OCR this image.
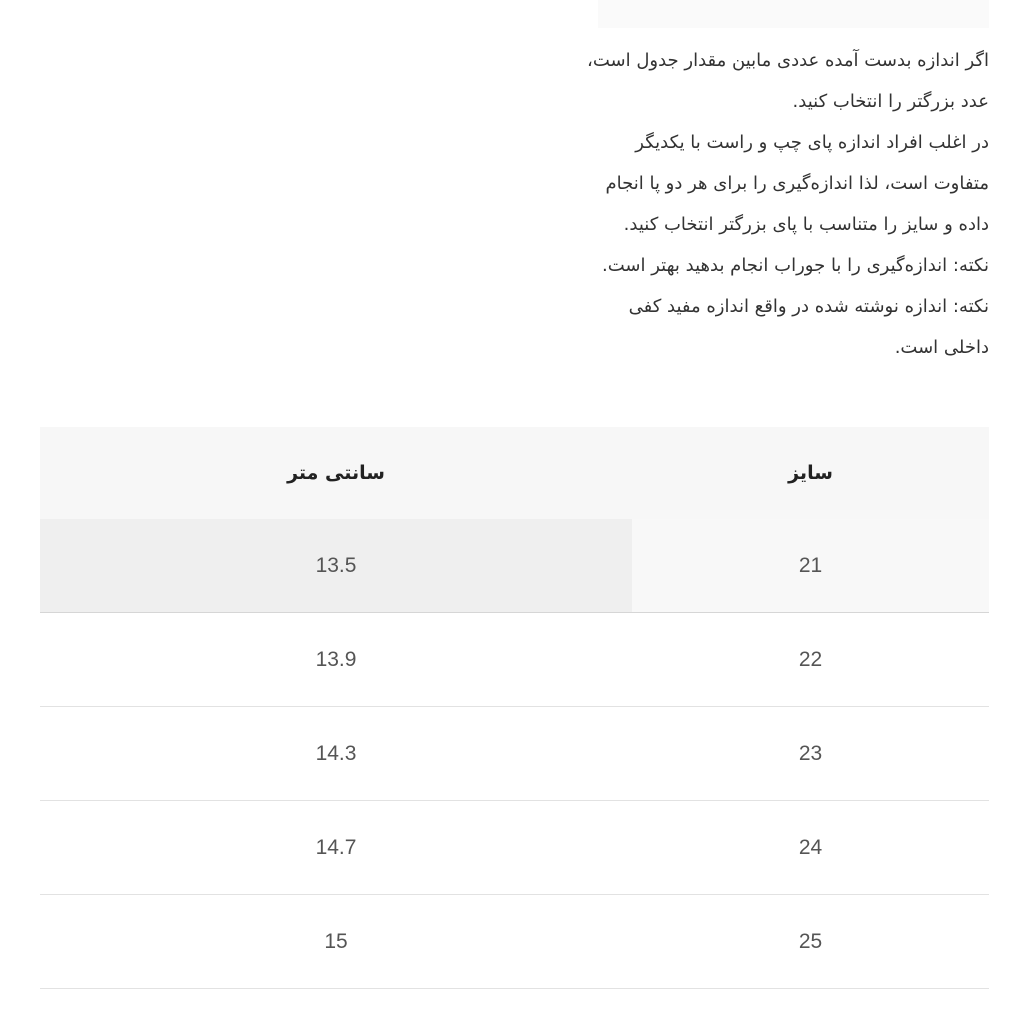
اگر اندازه بدست آمده عددی مابین مقدار جدول است،
عدد بزرگتر را انتخاب کنید.
در اغلب افراد اندازه پای چپ و راست با یکدیگر
متفاوت است، لذا اندازه‌گیری را برای هر دو پا انجام
داده و سایز را متناسب با پای بزرگتر انتخاب کنید.
نکته: اندازه‌گیری را با جوراب انجام بدهید بهتر است.
نکته: اندازه نوشته شده در واقع اندازه مفید کفی
داخلی است.
سایز
سانتی متر
21
13.5
22
13.9
23
14.3
24
14.7
25
15
